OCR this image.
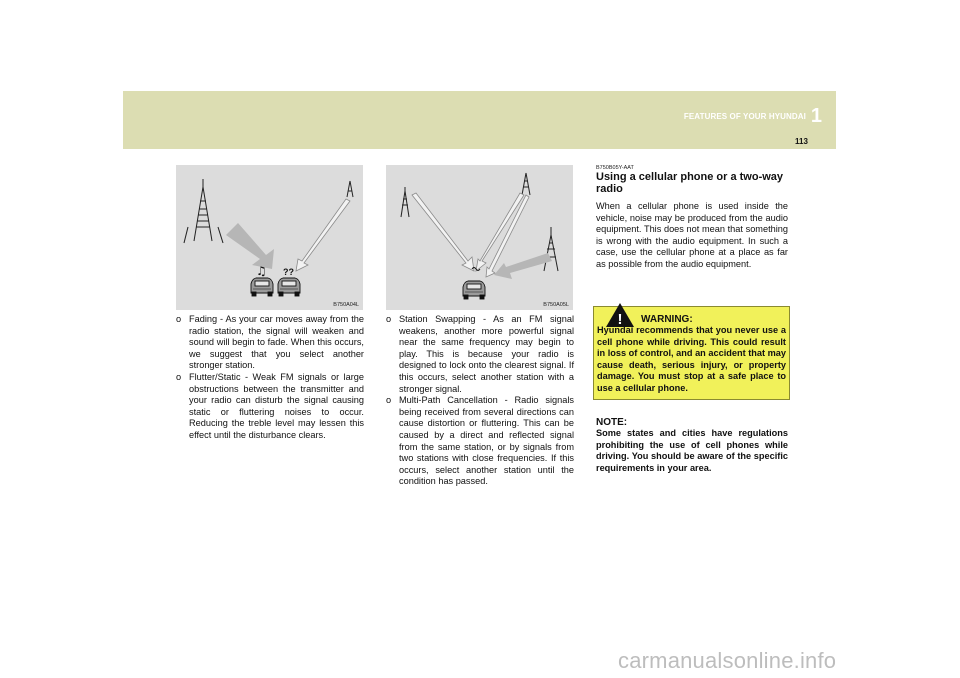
FEATURES OF YOUR HYUNDAI 1
113
♫ ??
B750A04L	B750A05L
o Fading - As your car moves away from the radio station, the signal will weaken and sound will begin to fade. When this occurs, we suggest that you select another stronger station.
o Flutter/Static - Weak FM signals or large obstructions between the transmitter and your radio can disturb the signal causing static or fluttering noises to occur. Reducing the treble level may lessen this effect until the disturbance clears.
o Station Swapping - As an FM signal weakens, another more powerful signal near the same frequency may begin to play. This is because your radio is designed to lock onto the clearest signal. If this occurs, select another station with a stronger signal.
o Multi-Path Cancellation - Radio signals being received from several directions can cause distortion or fluttering. This can be caused by a direct and reflected signal from the same station, or by signals from two stations with close frequencies. If this occurs, select another station until the condition has passed.
B750B05Y-AAT
Using a cellular phone or a two-way radio

When a cellular phone is used inside the vehicle, noise may be produced from the audio equipment. This does not mean that something is wrong with the audio equipment. In such a case, use the cellular phone at a place as far as possible from the audio equipment.

! WARNING:

Hyundai recommends that you never use a cell phone while driving. This could result in loss of control, and an accident that may cause death, serious injury, or property damage. You must stop at a safe place to use a cellular phone.

NOTE:

Some states and cities have regulations prohibiting the use of cell phones while driving. You should be aware of the specific requirements in your area.

carmanualsonline.info
